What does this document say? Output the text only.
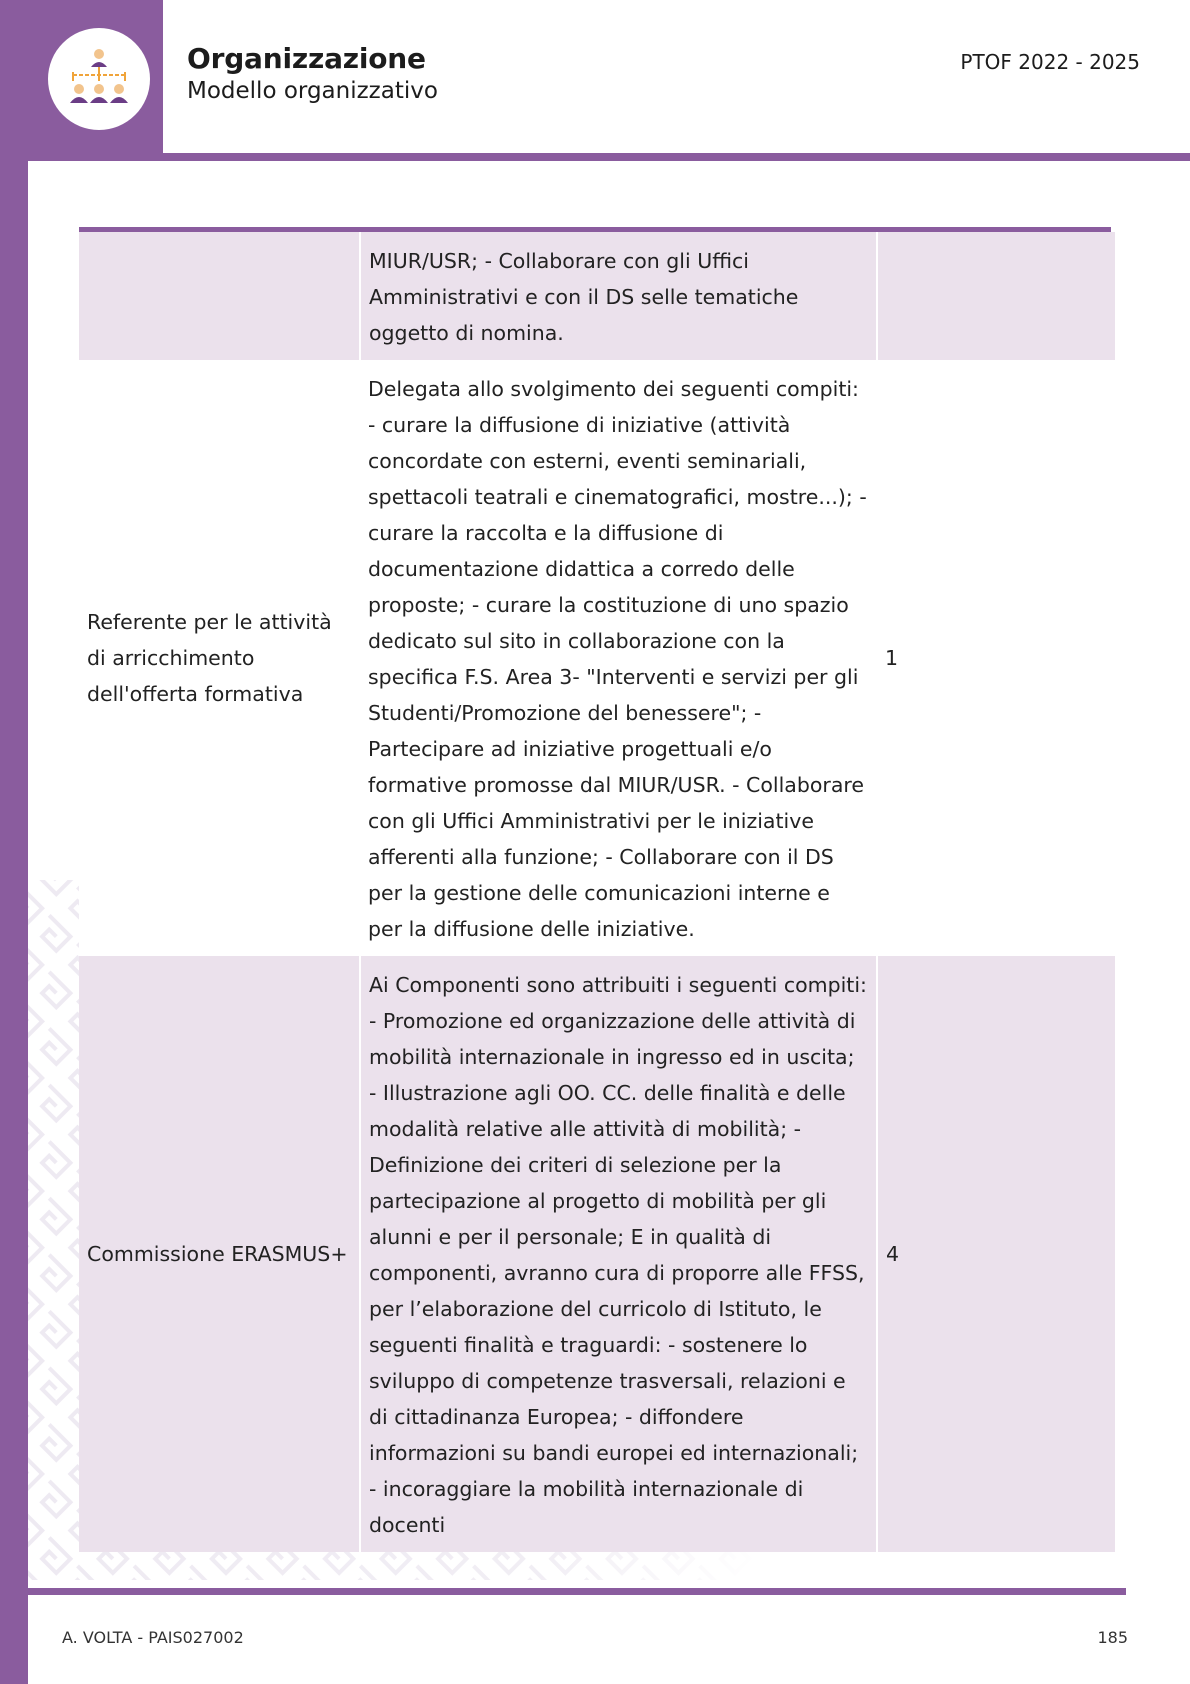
Organizzazione
Modello organizzativo
PTOF 2022 - 2025
	MIUR/USR; - Collaborare con gli Uffici Amministrativi e con il DS selle tematiche oggetto di nomina.	
Referente per le attività di arricchimento dell'offerta formativa	Delegata allo svolgimento dei seguenti compiti: - curare la diffusione di iniziative (attività concordate con esterni, eventi seminariali, spettacoli teatrali e cinematografici, mostre...); - curare la raccolta e la diffusione di documentazione didattica a corredo delle proposte; - curare la costituzione di uno spazio dedicato sul sito in collaborazione con la specifica F.S. Area 3- "Interventi e servizi per gli Studenti/Promozione del benessere"; - Partecipare ad iniziative progettuali e/o formative promosse dal MIUR/USR. - Collaborare con gli Uffici Amministrativi per le iniziative afferenti alla funzione; - Collaborare con il DS per la gestione delle comunicazioni interne e per la diffusione delle iniziative.	1
Commissione ERASMUS+	Ai Componenti sono attribuiti i seguenti compiti: - Promozione ed organizzazione delle attività di mobilità internazionale in ingresso ed in uscita; - Illustrazione agli OO. CC. delle finalità e delle modalità relative alle attività di mobilità; - Definizione dei criteri di selezione per la partecipazione al progetto di mobilità per gli alunni e per il personale; E in qualità di componenti, avranno cura di proporre alle FFSS, per l’elaborazione del curricolo di Istituto, le seguenti finalità e traguardi: - sostenere lo sviluppo di competenze trasversali, relazioni e di cittadinanza Europea; - diffondere informazioni su bandi europei ed internazionali; - incoraggiare la mobilità internazionale di docenti	4
A. VOLTA - PAIS027002	185
